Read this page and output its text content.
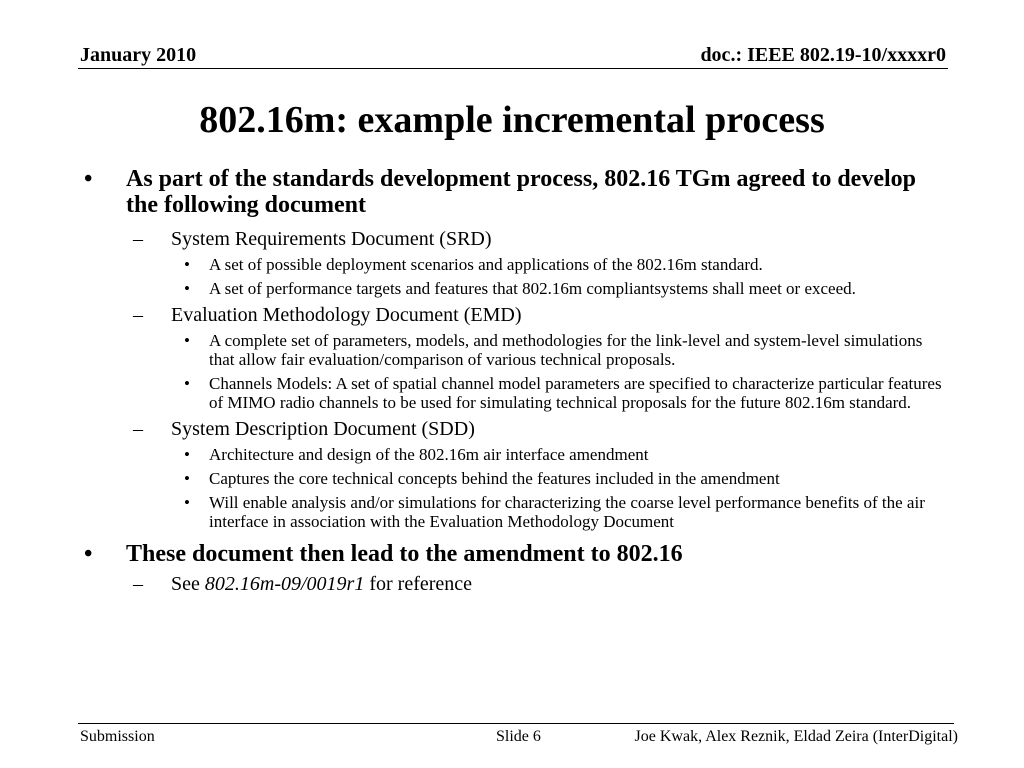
January 2010	doc.: IEEE 802.19-10/xxxxr0
802.16m: example incremental process
•	As part of the standards development process, 802.16 TGm agreed to develop the following document
–	System Requirements Document (SRD)
•	A set of possible deployment scenarios and applications of the 802.16m standard.
•	A set of performance targets and features that 802.16m compliantsystems shall meet or exceed.
–	Evaluation Methodology Document (EMD)
•	A complete set of parameters, models, and methodologies for the link-level and system-level simulations that allow fair evaluation/comparison of various technical proposals.
•	Channels Models: A set of spatial channel model parameters are specified to characterize particular features of MIMO radio channels to be used for simulating technical proposals for the future 802.16m standard.
–	System Description Document (SDD)
•	Architecture and design of the 802.16m air interface amendment
•	Captures the core technical concepts behind the features included in the amendment
•	Will enable analysis and/or simulations for characterizing the coarse level performance benefits of the air interface in association with the Evaluation Methodology Document
•	These document then lead to the amendment to 802.16
–	See 802.16m-09/0019r1 for reference
Submission	Slide 6	Joe Kwak, Alex Reznik, Eldad Zeira (InterDigital)
